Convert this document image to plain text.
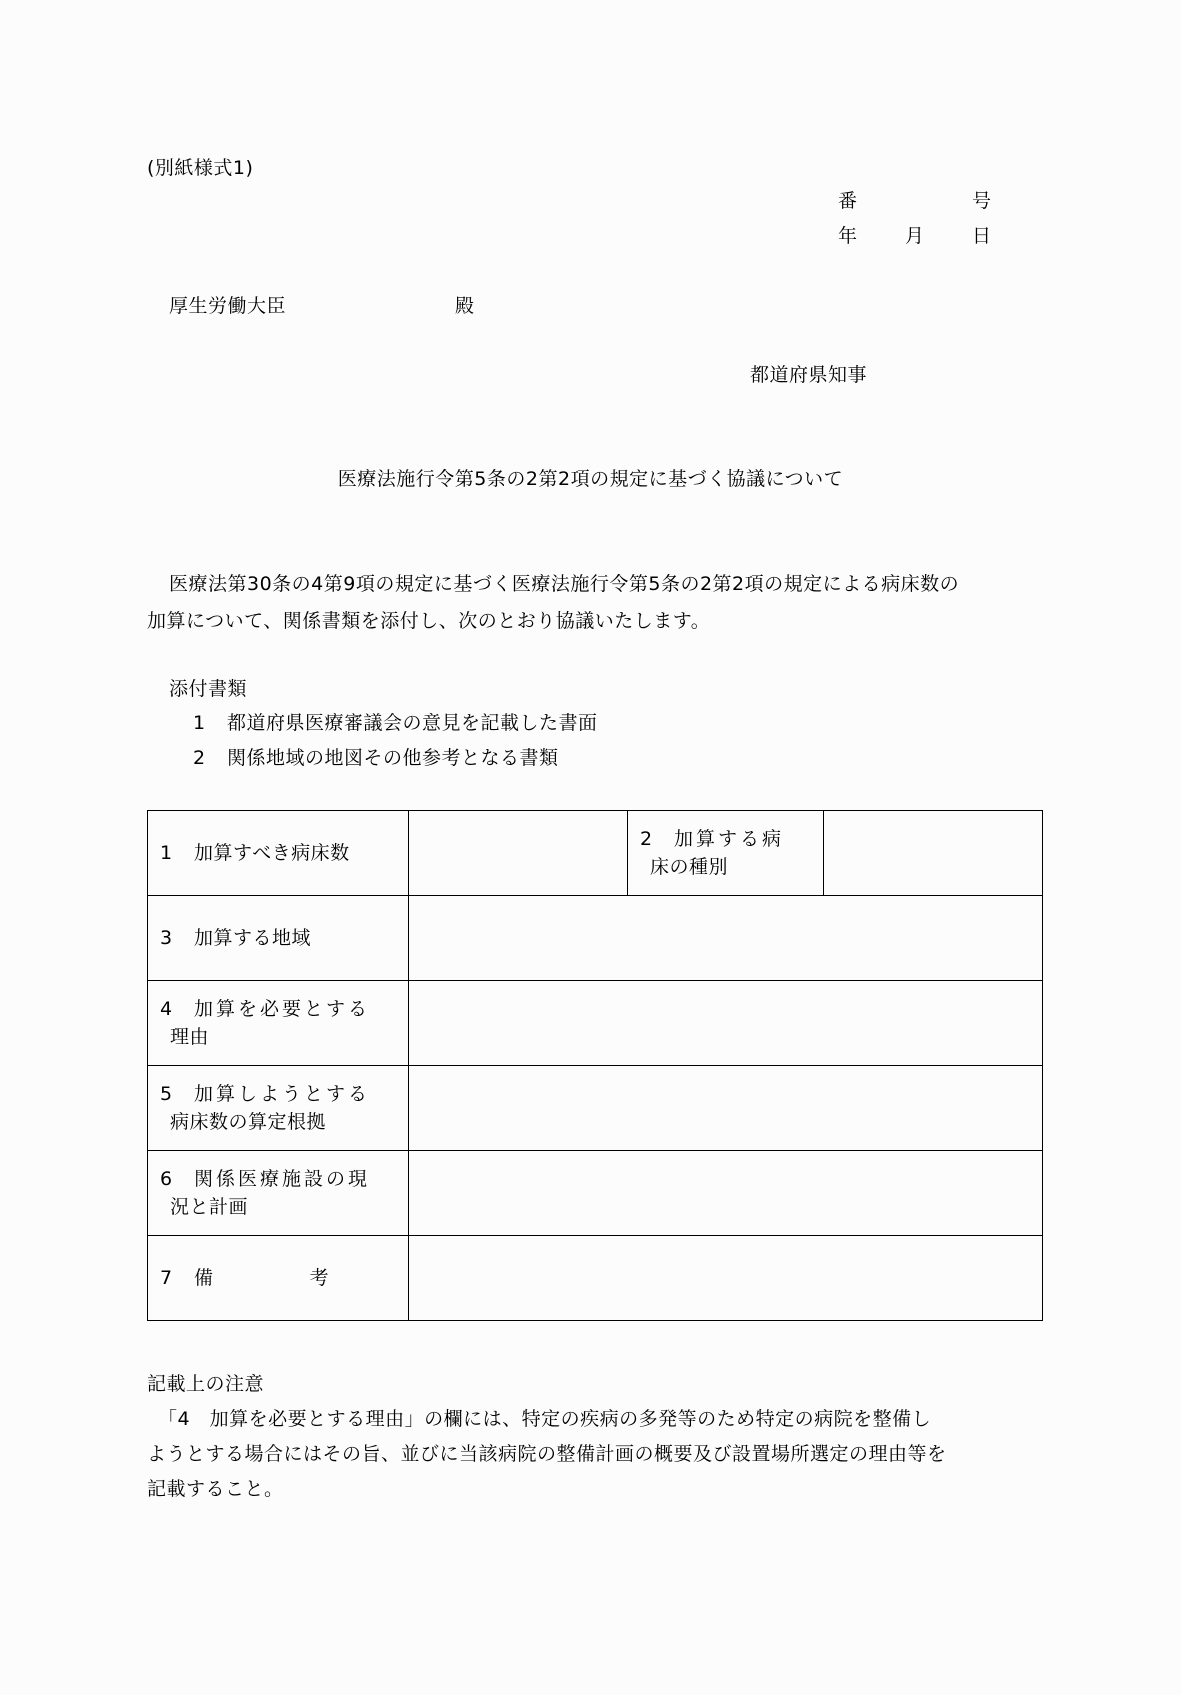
(別紙様式1)
番	号
年 月 日
厚生労働大臣	殿
都道府県知事
医療法施行令第5条の2第2項の規定に基づく協議について
医療法第30条の4第9項の規定に基づく医療法施行令第5条の2第2項の規定による病床数の
加算について、関係書類を添付し、次のとおり協議いたします。
添付書類
1 都道府県医療審議会の意見を記載した書面
2 関係地域の地図その他参考となる書類
1 加算すべき病床数		2 加算する病
床の種別	

3 加算する地域			

4 加算を必要とする
理由			

5 加算しようとする
病床数の算定根拠			

6 関係医療施設の現
況と計画			

7 備 考			

記載上の注意
「4　加算を必要とする理由」の欄には、特定の疾病の多発等のため特定の病院を整備し
ようとする場合にはその旨、並びに当該病院の整備計画の概要及び設置場所選定の理由等を
記載すること。
